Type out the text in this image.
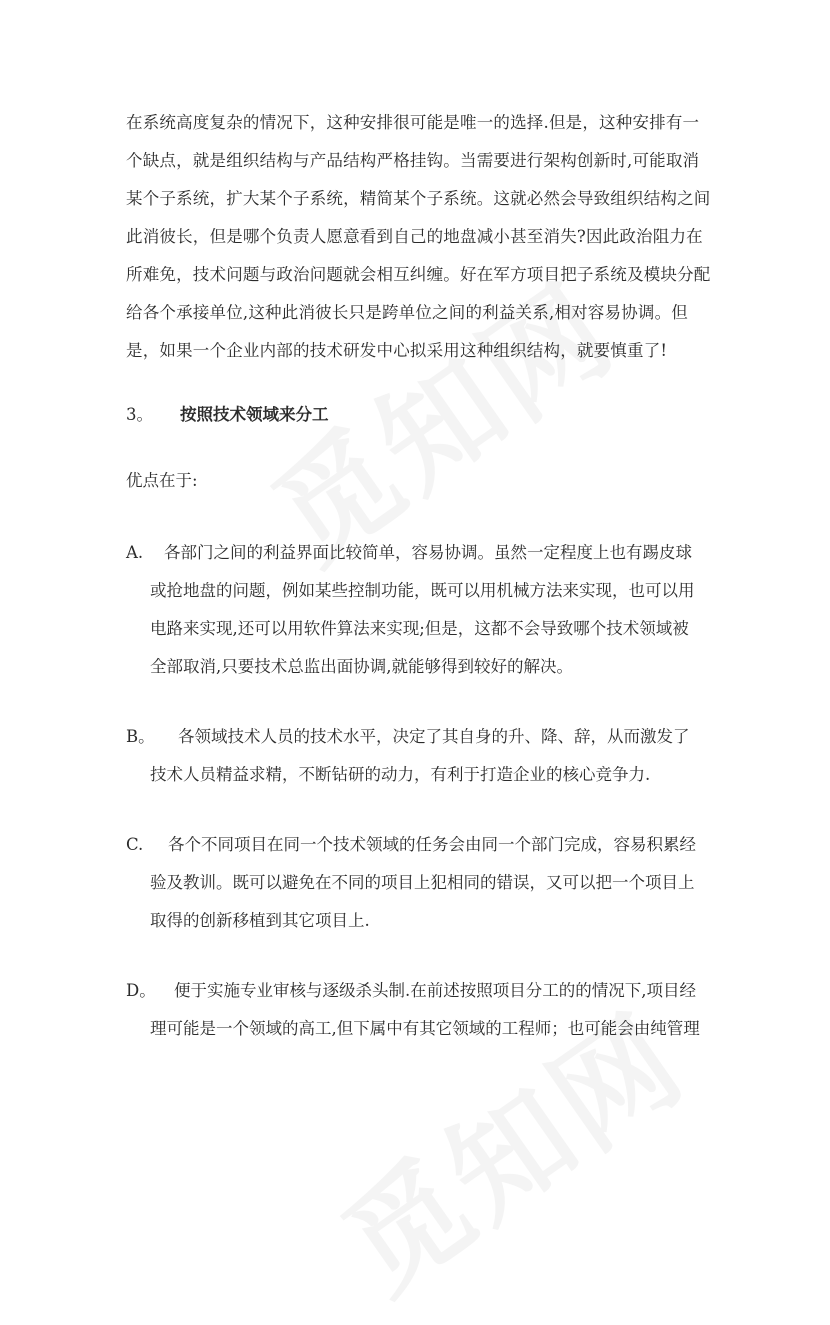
在系统高度复杂的情况下，这种安排很可能是唯一的选择.但是，这种安排有一
个缺点，就是组织结构与产品结构严格挂钩。当需要进行架构创新时,可能取消
某个子系统，扩大某个子系统，精简某个子系统。这就必然会导致组织结构之间
此消彼长，但是哪个负责人愿意看到自己的地盘减小甚至消失?因此政治阻力在
所难免，技术问题与政治问题就会相互纠缠。好在军方项目把子系统及模块分配
给各个承接单位,这种此消彼长只是跨单位之间的利益关系,相对容易协调。但
是，如果一个企业内部的技术研发中心拟采用这种组织结构，就要慎重了!

3。	按照技术领域来分工

优点在于:

A. 各部门之间的利益界面比较简单，容易协调。虽然一定程度上也有踢皮球
或抢地盘的问题，例如某些控制功能，既可以用机械方法来实现，也可以用
电路来实现,还可以用软件算法来实现;但是，这都不会导致哪个技术领域被
全部取消,只要技术总监出面协调,就能够得到较好的解决。
B。 各领域技术人员的技术水平，决定了其自身的升、降、辞，从而激发了
技术人员精益求精，不断钻研的动力，有利于打造企业的核心竞争力.
C. 各个不同项目在同一个技术领域的任务会由同一个部门完成，容易积累经
验及教训。既可以避免在不同的项目上犯相同的错误，又可以把一个项目上
取得的创新移植到其它项目上.
D。 便于实施专业审核与逐级杀头制.在前述按照项目分工的的情况下,项目经
理可能是一个领域的高工,但下属中有其它领域的工程师；也可能会由纯管理
